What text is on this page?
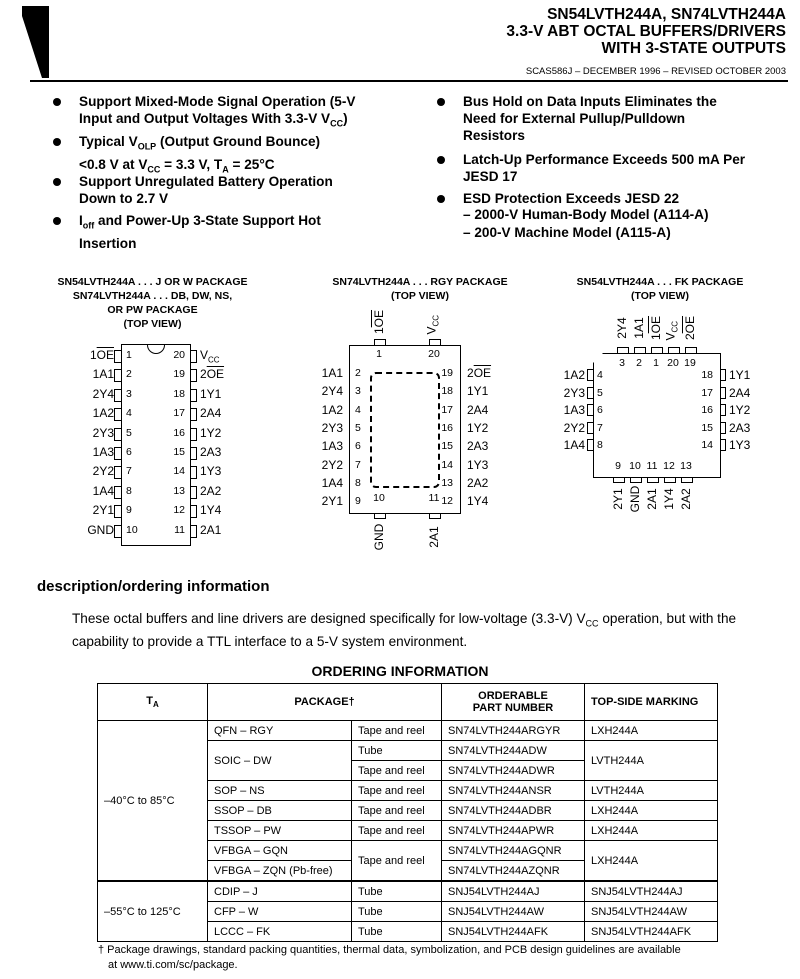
SN54LVTH244A, SN74LVTH244A
3.3-V ABT OCTAL BUFFERS/DRIVERS
WITH 3-STATE OUTPUTS
SCAS586J – DECEMBER 1996 – REVISED OCTOBER 2003
Support Mixed-Mode Signal Operation (5-V
Input and Output Voltages With 3.3-V $V_{CC}$)
Typical $V_{OLP}$ (Output Ground Bounce)
<0.8 V at $V_{CC} = 3.3$ V, $T_A = 25^\circ C$
Support Unregulated Battery Operation
Down to 2.7 V
$I_{off}$ and Power-Up 3-State Support Hot
Insertion
Bus Hold on Data Inputs Eliminates the
Need for External Pullup/Pulldown
Resistors
Latch-Up Performance Exceeds 500 mA Per
JESD 17
ESD Protection Exceeds JESD 22
– 2000-V Human-Body Model (A114-A)
– 200-V Machine Model (A115-A)
SN54LVTH244A . . . J OR W PACKAGE
SN74LVTH244A . . . DB, DW, NS,
OR PW PACKAGE
(TOP VIEW)
$1\overline{OE}$ 1
1A1 2
2Y4 3
1A2 4
2Y3 5
1A3 6
2Y2 7
1A4 8
2Y1 9
GND 10
20 $V_{CC}$
19 $2\overline{OE}$
18 1Y1
17 2A4
16 1Y2
15 2A3
14 1Y3
13 2A2
12 1Y4
11 2A1
SN74LVTH244A . . . RGY PACKAGE
(TOP VIEW)
$1\overline{OE}$
1
$V_{CC}$
20
1A1 2
2Y4 3
1A2 4
2Y3 5
1A3 6
2Y2 7
1A4 8
2Y1 9
19 $2\overline{OE}$
18 1Y1
17 2A4
16 1Y2
15 2A3
14 1Y3
13 2A2
12 1Y4
10
GND
11
2A1
SN54LVTH244A . . . FK PACKAGE
(TOP VIEW)
2Y4
3
1A1
2
$1\overline{OE}$
1
$V_{CC}$
20
$2\overline{OE}$
19
1A2 4
2Y3 5
1A3 6
2Y2 7
1A4 8
18 1Y1
17 2A4
16 1Y2
15 2A3
14 1Y3
9
2Y1
10
GND
11
2A1
12
1Y4
13
2A2
description/ordering information
These octal buffers and line drivers are designed specifically for low-voltage (3.3-V) $V_{CC}$ operation, but with the
capability to provide a TTL interface to a 5-V system environment.
ORDERING INFORMATION
$T_A$	PACKAGE†		ORDERABLE
PART NUMBER	TOP-SIDE MARKING
–40°C to 85°C	QFN – RGY	Tape and reel	SN74LVTH244ARGYR	LXH244A
	SOIC – DW	Tube	SN74LVTH244ADW	LVTH244A
		Tape and reel	SN74LVTH244ADWR	
	SOP – NS	Tape and reel	SN74LVTH244ANSR	LVTH244A
	SSOP – DB	Tape and reel	SN74LVTH244ADBR	LXH244A
	TSSOP – PW	Tape and reel	SN74LVTH244APWR	LXH244A
	VFBGA – GQN	Tape and reel	SN74LVTH244AGQNR	LXH244A
	VFBGA – ZQN (Pb-free)		SN74LVTH244AZQNR	
–55°C to 125°C	CDIP – J	Tube	SNJ54LVTH244AJ	SNJ54LVTH244AJ
	CFP – W	Tube	SNJ54LVTH244AW	SNJ54LVTH244AW
	LCCC – FK	Tube	SNJ54LVTH244AFK	SNJ54LVTH244AFK
† Package drawings, standard packing quantities, thermal data, symbolization, and PCB design guidelines are available
at www.ti.com/sc/package.
